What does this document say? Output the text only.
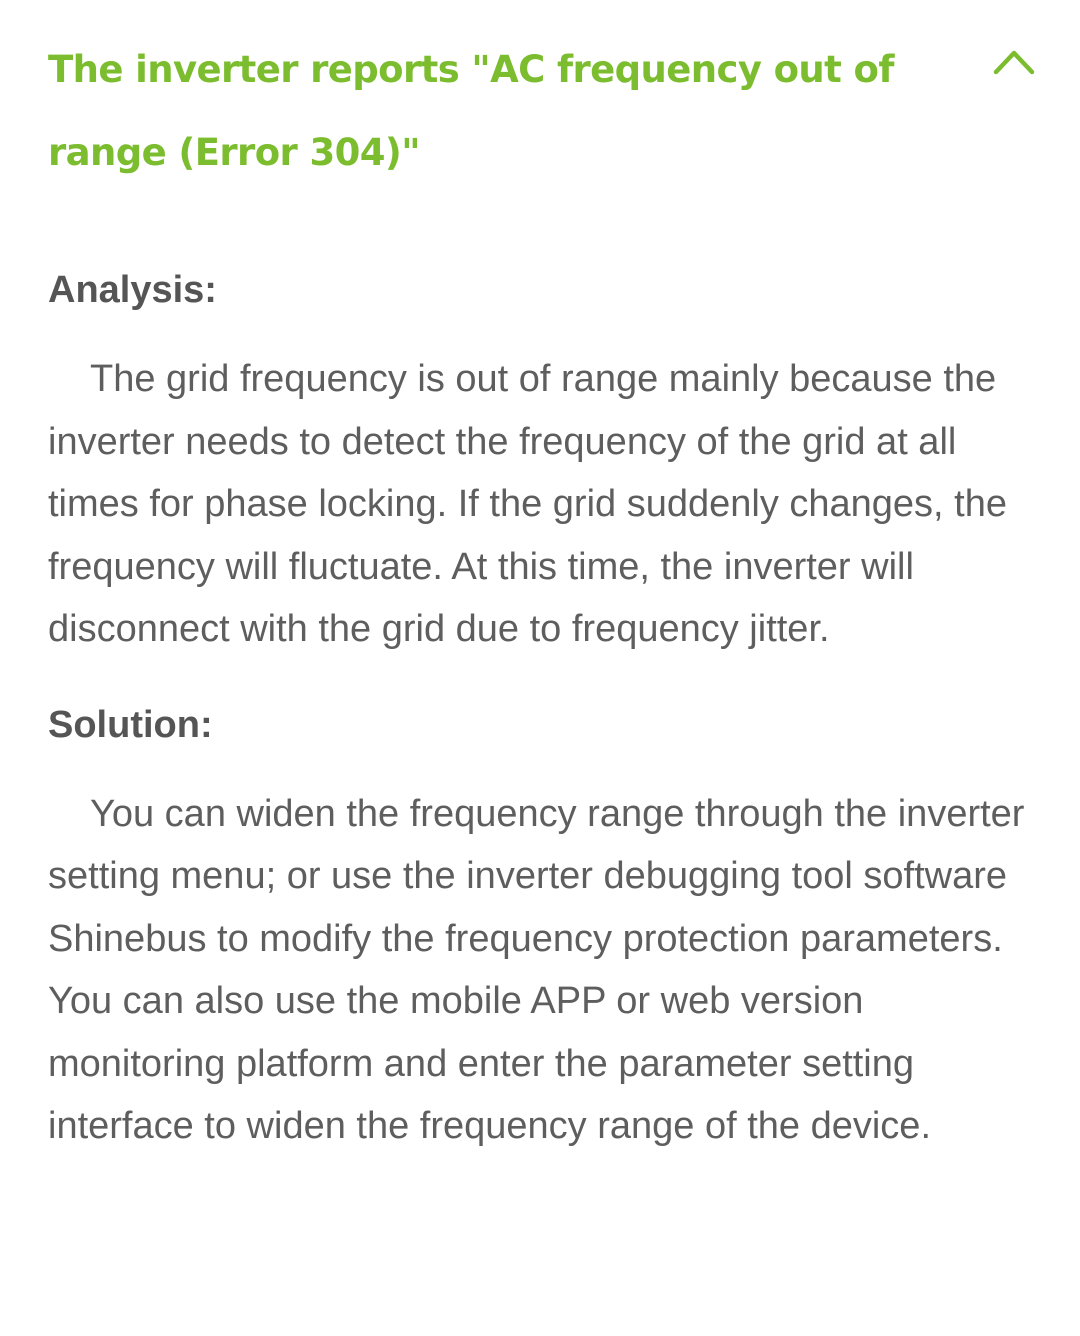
The inverter reports "AC frequency out of range (Error 304)"
Analysis:

The grid frequency is out of range mainly because the inverter needs to detect the frequency of the grid at all times for phase locking. If the grid suddenly changes, the frequency will fluctuate. At this time, the inverter will disconnect with the grid due to frequency jitter.

Solution:

You can widen the frequency range through the inverter setting menu; or use the inverter debugging tool software Shinebus to modify the frequency protection parameters. You can also use the mobile APP or web version monitoring platform and enter the parameter setting interface to widen the frequency range of the device.
